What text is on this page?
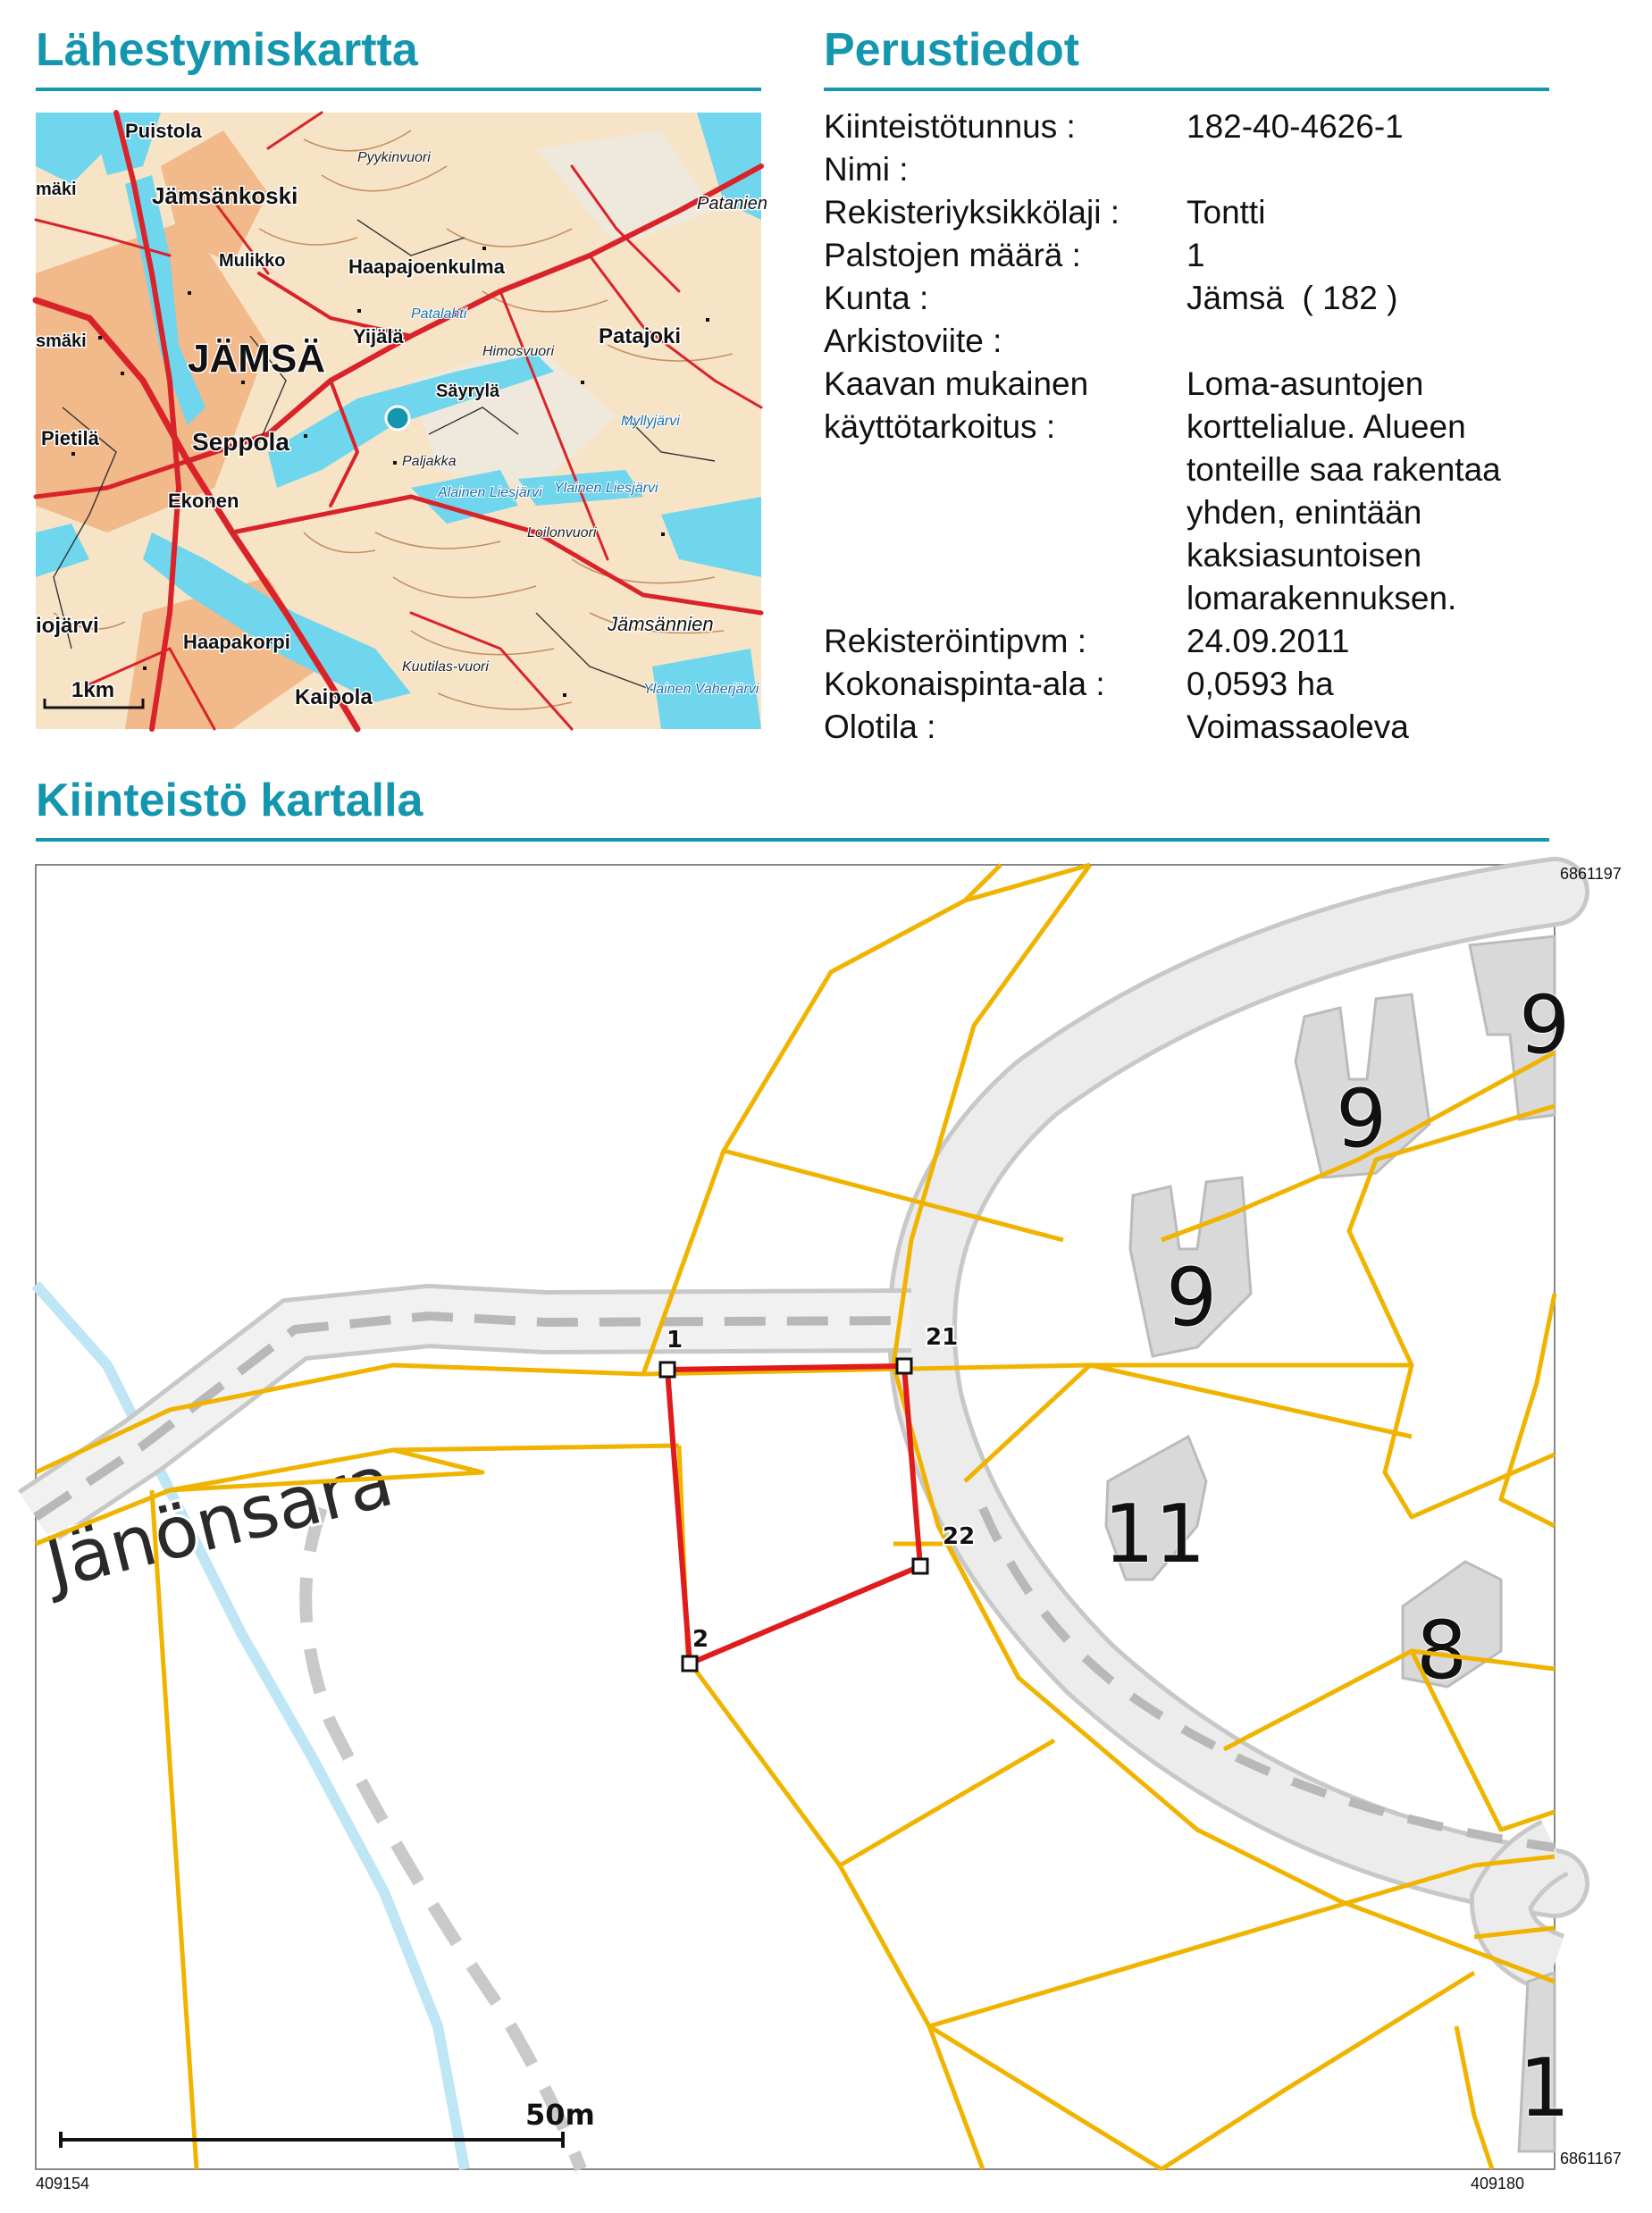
Lähestymiskartta	Perustiedot
Puistola
Jämsänkoski
Mulikko	Haapajoenkulma
JÄMSÄ
Yijälä	Patajoki
Säyrylä
Seppola
Pietilä
Ekonen
Haapakorpi
Kaipola
Patanien
smäki
mäki
iojärvi	Jämsännien
Pyykinvuori
Himosvuori
Paljakka
Alainen Liesjärvi Ylainen Liesjärvi
Loilonvuori
Kuutilas-vuori
Ylainen Vaherjärvi
Myllyjärvi
Patalahti
1km
Kiinteistötunnus :	182-40-4626-1
Nimi :
Rekisteriyksikkölaji : Tontti
Palstojen määrä :	1
Kunta :	Jämsä  ( 182 )
Arkistoviite :
Kaavan mukainen	Loma-asuntojen
käyttötarkoitus :	korttelialue. Alueen
tonteille saa rakentaa
yhden, enintään
kaksiasuntoisen
lomarakennuksen.
Rekisteröintipvm :	24.09.2011
Kokonaispinta-ala : 0,0593 ha
Olotila :	Voimassaoleva
Kiinteistö kartalla
9
9
9
11
8
1
Jänönsara
1	21
22
2
50m
6861197
6861167
409154	409180
